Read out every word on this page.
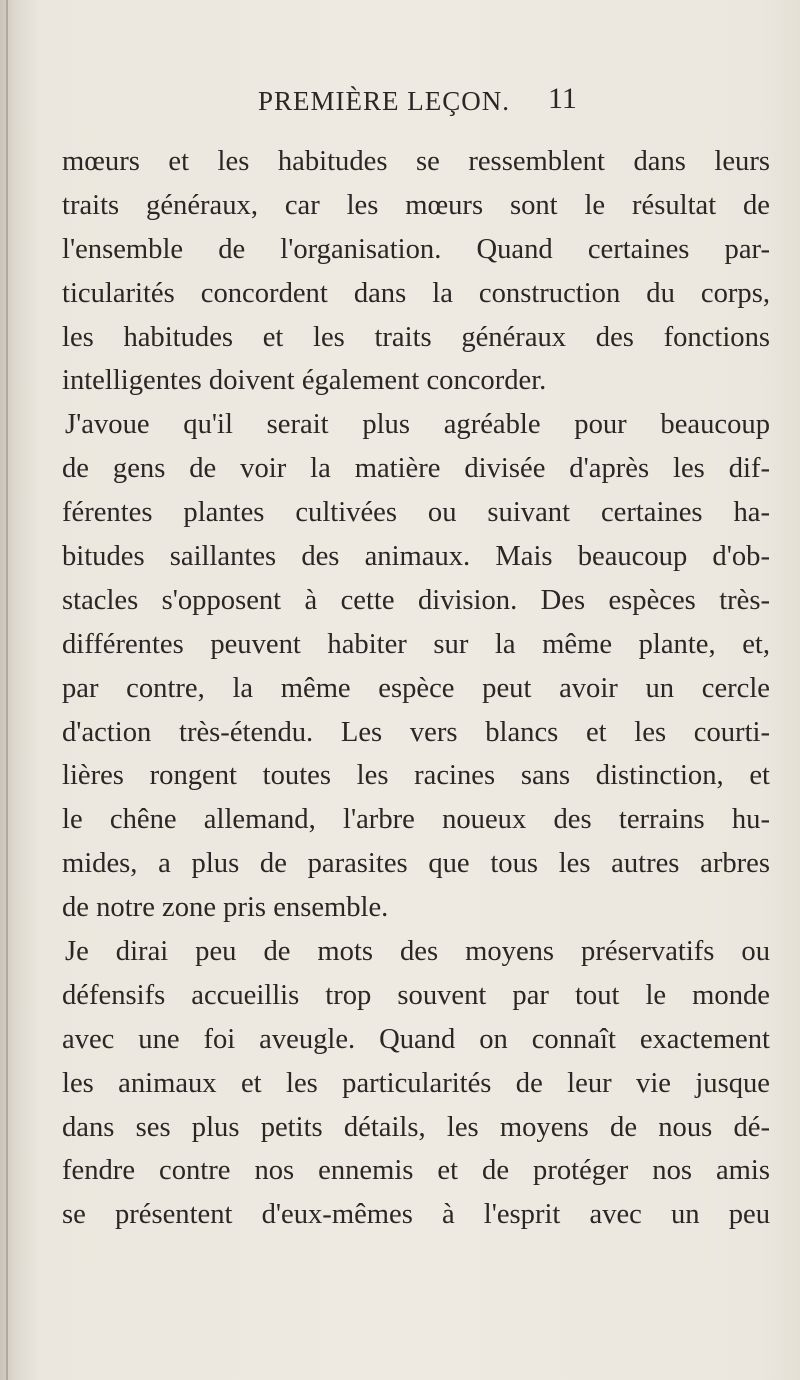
PREMIÈRE LEÇON. 11
mœurs et les habitudes se ressemblent dans leurs
traits généraux, car les mœurs sont le résultat de
l'ensemble de l'organisation. Quand certaines par-
ticularités concordent dans la construction du corps,
les habitudes et les traits généraux des fonctions
intelligentes doivent également concorder.
J'avoue qu'il serait plus agréable pour beaucoup
de gens de voir la matière divisée d'après les dif-
férentes plantes cultivées ou suivant certaines ha-
bitudes saillantes des animaux. Mais beaucoup d'ob-
stacles s'opposent à cette division. Des espèces très-
différentes peuvent habiter sur la même plante, et,
par contre, la même espèce peut avoir un cercle
d'action très-étendu. Les vers blancs et les courti-
lières rongent toutes les racines sans distinction, et
le chêne allemand, l'arbre noueux des terrains hu-
mides, a plus de parasites que tous les autres arbres
de notre zone pris ensemble.
Je dirai peu de mots des moyens préservatifs ou
défensifs accueillis trop souvent par tout le monde
avec une foi aveugle. Quand on connaît exactement
les animaux et les particularités de leur vie jusque
dans ses plus petits détails, les moyens de nous dé-
fendre contre nos ennemis et de protéger nos amis
se présentent d'eux-mêmes à l'esprit avec un peu
